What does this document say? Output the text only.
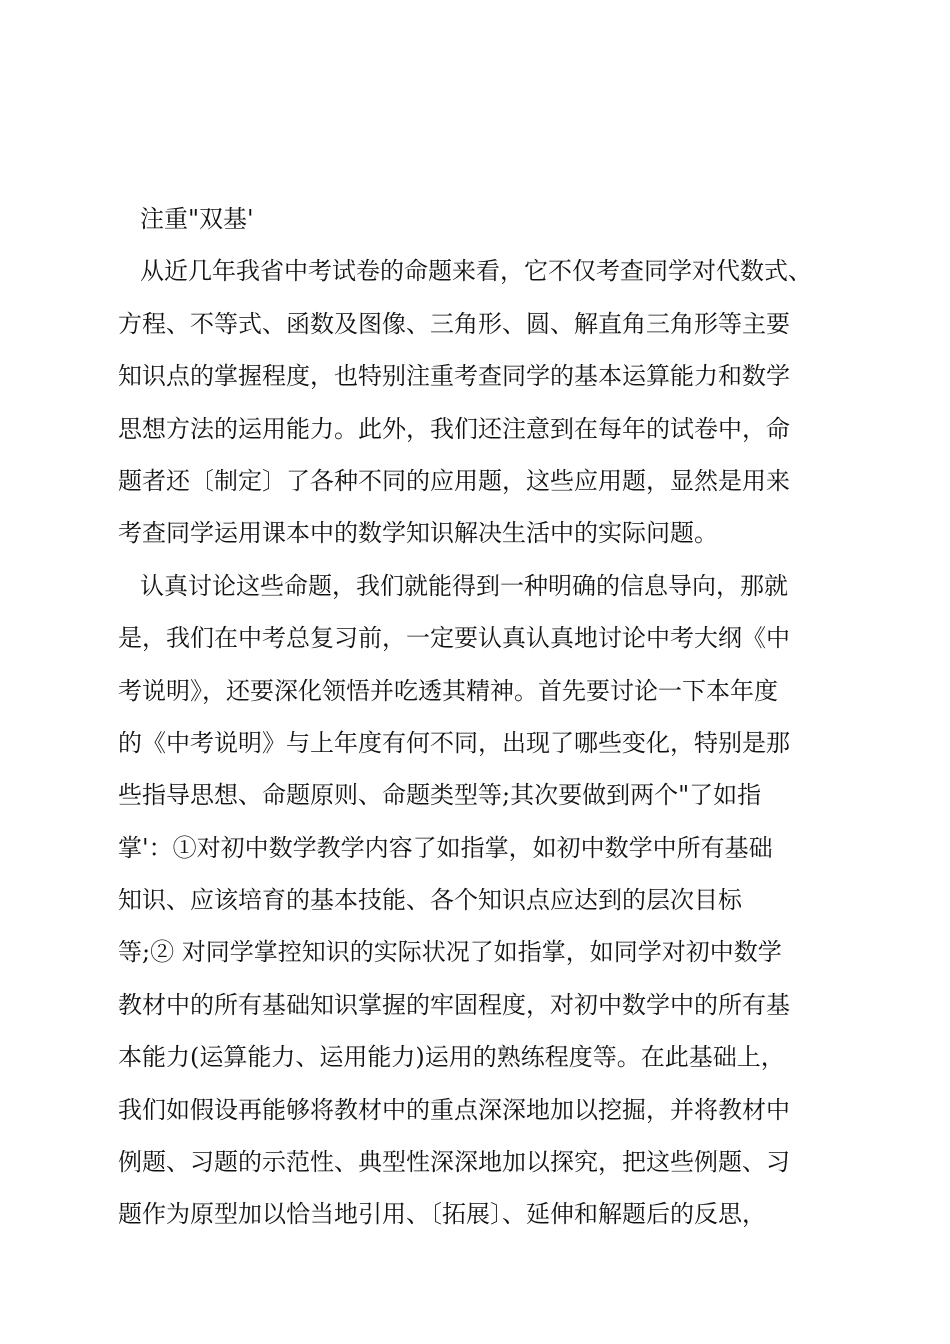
注重"双基'
从近几年我省中考试卷的命题来看，它不仅考查同学对代数式、
方程、不等式、函数及图像、三角形、圆、解直角三角形等主要
知识点的掌握程度，也特别注重考查同学的基本运算能力和数学
思想方法的运用能力。此外，我们还注意到在每年的试卷中，命
题者还〔制定〕了各种不同的应用题，这些应用题，显然是用来
考查同学运用课本中的数学知识解决生活中的实际问题。
认真讨论这些命题，我们就能得到一种明确的信息导向，那就
是，我们在中考总复习前，一定要认真认真地讨论中考大纲《中
考说明》，还要深化领悟并吃透其精神。首先要讨论一下本年度
的《中考说明》与上年度有何不同，出现了哪些变化，特别是那
些指导思想、命题原则、命题类型等;其次要做到两个"了如指
掌'：①对初中数学教学内容了如指掌，如初中数学中所有基础
知识、应该培育的基本技能、各个知识点应达到的层次目标
等;② 对同学掌控知识的实际状况了如指掌，如同学对初中数学
教材中的所有基础知识掌握的牢固程度，对初中数学中的所有基
本能力(运算能力、运用能力)运用的熟练程度等。在此基础上，
我们如假设再能够将教材中的重点深深地加以挖掘，并将教材中
例题、习题的示范性、典型性深深地加以探究，把这些例题、习
题作为原型加以恰当地引用、〔拓展〕、延伸和解题后的反思，
